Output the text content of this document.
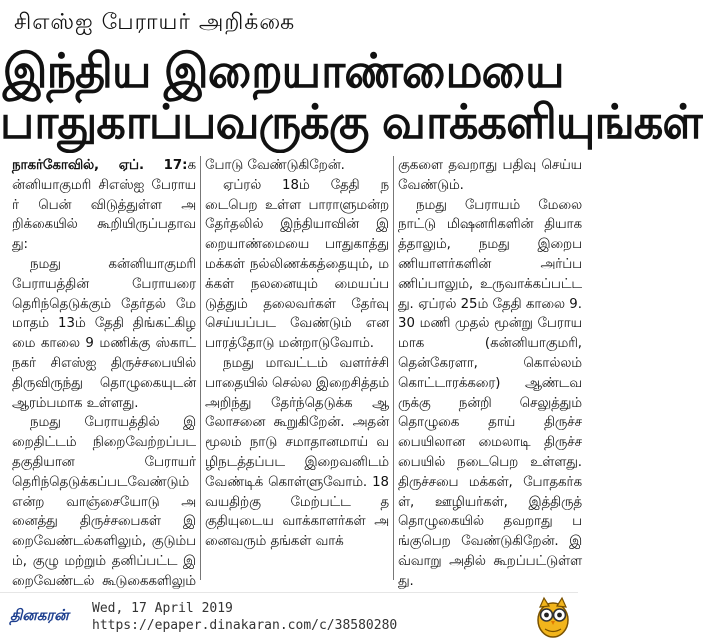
சிஎஸ்ஐ பேராயர் அறிக்கை
இந்திய இறையாண்மையை
பாதுகாப்பவருக்கு வாக்களியுங்கள்

நாகர்கோவில், ஏப். 17:கன்னியாகுமரி சிஎஸ்ஐ பேராயர் பென் விடுத்துள்ள அறிக்கையில் கூறியிருப்பதாவது:

நமது கன்னியாகுமரி பேராயத்தின் பேராயரை தெரிந்தெடுக்கும் தேர்தல் மே மாதம் 13ம் தேதி திங்கட்கிழமை காலை 9 மணிக்கு ஸ்காட் நகர் சிஎஸ்ஐ திருச்சபையில் திருவிருந்து தொழுகையுடன் ஆரம்பமாக உள்ளது.

நமது பேராயத்தில் இறைதிட்டம் நிறைவேற்றப்பட தகுதியான பேராயர் தெரிந்தெடுக்கப்படவேண்டும் என்ற வாஞ்சையோடு அனைத்து திருச்சபைகள் இறைவேண்டல்களிலும், குடும்பம், குழு மற்றும் தனிப்பட்ட இறைவேண்டல் கூடுகைகளிலும்

போடு வேண்டுகிறேன்.

ஏப்ரல் 18ம் தேதி நடைபெற உள்ள பாராளுமன்ற தேர்தலில் இந்தியாவின் இறையாண்மையை பாதுகாத்து மக்கள் நல்லிணக்கத்தையும், மக்கள் நலனையும் மையப்படுத்தும் தலைவர்கள் தேர்வு செய்யப்பட வேண்டும் என பாரத்தோடு மன்றாடுவோம்.

நமது மாவட்டம் வளர்ச்சி பாதையில் செல்ல இறைசித்தம் அறிந்து தேர்ந்தெடுக்க ஆலோசனை கூறுகிறேன். அதன் மூலம் நாடு சமாதானமாய் வழிநடத்தப்பட இறைவனிடம் வேண்டிக் கொள்ளுவோம். 18 வயதிற்கு மேற்பட்ட தகுதியுடைய வாக்காளர்கள் அனைவரும் தங்கள் வாக்

குகளை தவறாது பதிவு செய்ய வேண்டும்.

நமது பேராயம் மேலை நாட்டு மிஷனரிகளின் தியாகத்தாலும், நமது இறைபணியாளர்களின் அர்ப்பணிப்பாலும், உருவாக்கப்பட்டது. ஏப்ரல் 25ம் தேதி காலை 9.30 மணி முதல் மூன்று பேராயமாக (கன்னியாகுமரி, தென்கேரளா, கொல்லம் கொட்டாரக்கரை) ஆண்டவருக்கு நன்றி செலுத்தும் தொழுகை தாய் திருச்சபையிலான மைலாடி திருச்சபையில் நடைபெற உள்ளது. திருச்சபை மக்கள், போதகர்கள், ஊழியர்கள், இத்திருத் தொழுகையில் தவறாது பங்குபெற வேண்டுகிறேன். இவ்வாறு அதில் கூறப்பட்டுள்ளது.

தினகரன் Wed, 17 April 2019
https://epaper.dinakaran.com/c/38580280
